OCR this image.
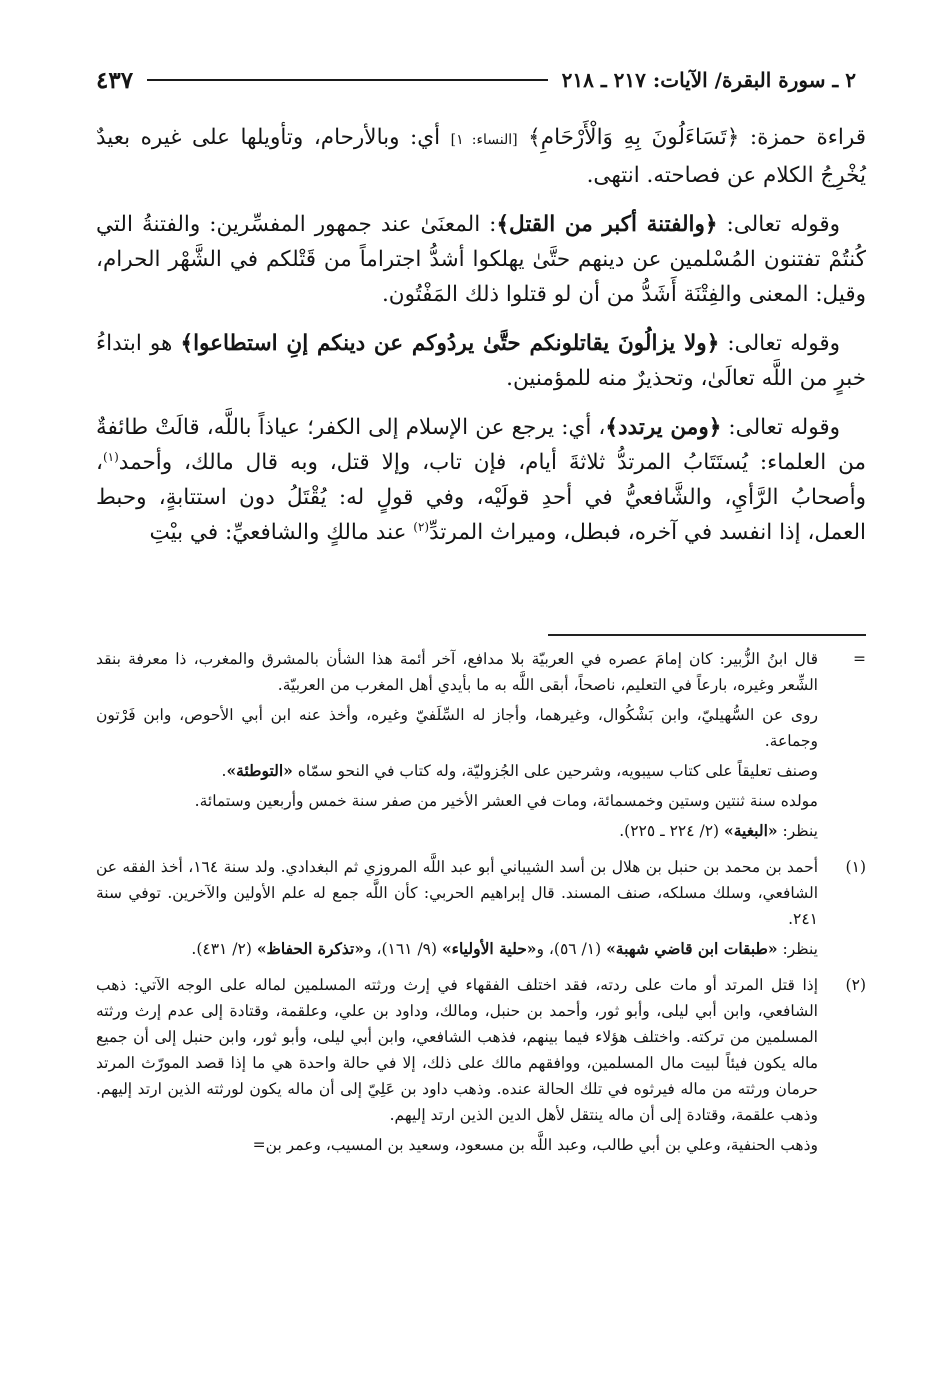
٢ ـ سورة البقرة/ الآيات: ٢١٧ ـ ٢١٨
٤٣٧

قراءة حمزة: ﴿تَسَاءَلُونَ بِهِ وَالْأَرْحَامِ﴾ [النساء: ١] أي: وبالأرحام، وتأويلها على غيره بعيدٌ يُخْرِجُ الكلام عن فصاحته. انتهى.

وقوله تعالى: ﴿والفتنة أكبر من القتل﴾: المعنَىٰ عند جمهور المفسِّرين: والفتنةُ التي كُنتُمْ تفتنون المُسْلمين عن دينهم حتَّىٰ يهلكوا أشدُّ اجتراماً من قَتْلكم في الشَّهْر الحرام، وقيل: المعنى والفِتْنَة أَشَدُّ من أن لو قتلوا ذلك المَفْتُون.

وقوله تعالى: ﴿ولا يزالُونَ يقاتلونكم حتَّىٰ يردُوكم عن دينكم إنِ استطاعوا﴾ هو ابتداءُ خبرٍ من اللَّه تعالَىٰ، وتحذيرٌ منه للمؤمنين.

وقوله تعالى: ﴿ومن يرتدد﴾، أي: يرجع عن الإسلام إلى الكفر؛ عياذاً باللَّه، قالَتْ طائفةٌ من العلماء: يُستَتَابُ المرتدُّ ثلاثةَ أيام، فإن تاب، وإلا قتل، وبه قال مالك، وأحمد$^{(١)}$، وأصحابُ الرَّأيِ، والشَّافعيُّ في أحدِ قولَيْه، وفي قولٍ له: يُقْتَلُ دون استتابةٍ، وحبط العمل، إذا انفسد في آخره، فبطل، وميراث المرتدِّ$^{(٢)}$ عند مالكٍ والشافعيِّ: في بيْتِ

=

قال ابنُ الزُّبير: كان إمامَ عصره في العربيّة بلا مدافع، آخر أئمة هذا الشأن بالمشرق والمغرب، ذا معرفة بنقد الشِّعر وغيره، بارعاً في التعليم، ناصحاً، أبقى اللَّه به ما بأيدي أهل المغرب من العربيّة.

روى عن السُّهيليّ، وابن بَشْكُوال، وغيرهما، وأجاز له السِّلَفيّ وغيره، وأخذ عنه ابن أبي الأحوص، وابن فَرْتون وجماعة.

وصنف تعليقاً على كتاب سيبويه، وشرحين على الجُزوليّة، وله كتاب في النحو سمّاه «التوطئة».

مولده سنة ثنتين وستين وخمسمائة، ومات في العشر الأخير من صفر سنة خمس وأربعين وستمائة.

ينظر: «البغية» (٢/ ٢٢٤ ـ ٢٢٥).

(١)

أحمد بن محمد بن حنبل بن هلال بن أسد الشيباني أبو عبد اللَّه المروزي ثم البغدادي. ولد سنة ١٦٤، أخذ الفقه عن الشافعي، وسلك مسلكه، صنف المسند. قال إبراهيم الحربي: كأن اللَّه جمع له علم الأولين والآخرين. توفي سنة ٢٤١.

ينظر: «طبقات ابن قاضي شهبة» (١/ ٥٦)، و«حلية الأولياء» (٩/ ١٦١)، و«تذكرة الحفاظ» (٢/ ٤٣١).

(٢)

إذا قتل المرتد أو مات على ردته، فقد اختلف الفقهاء في إرث ورثته المسلمين لماله على الوجه الآتي: ذهب الشافعي، وابن أبي ليلى، وأبو ثور، وأحمد بن حنبل، ومالك، وداود بن علي، وعلقمة، وقتادة إلى عدم إرث ورثته المسلمين من تركته. واختلف هؤلاء فيما بينهم، فذهب الشافعي، وابن أبي ليلى، وأبو ثور، وابن حنبل إلى أن جميع ماله يكون فيئاً لبيت مال المسلمين، ووافقهم مالك على ذلك، إلا في حالة واحدة هي ما إذا قصد المورّث المرتد حرمان ورثته من ماله فيرثوه في تلك الحالة عنده. وذهب داود بن عَلِيّ إلى أن ماله يكون لورثته الذين ارتد إليهم. وذهب علقمة، وقتادة إلى أن ماله ينتقل لأهل الدين الذين ارتد إليهم.

وذهب الحنفية، وعلي بن أبي طالب، وعبد اللَّه بن مسعود، وسعيد بن المسيب، وعمر بن=
